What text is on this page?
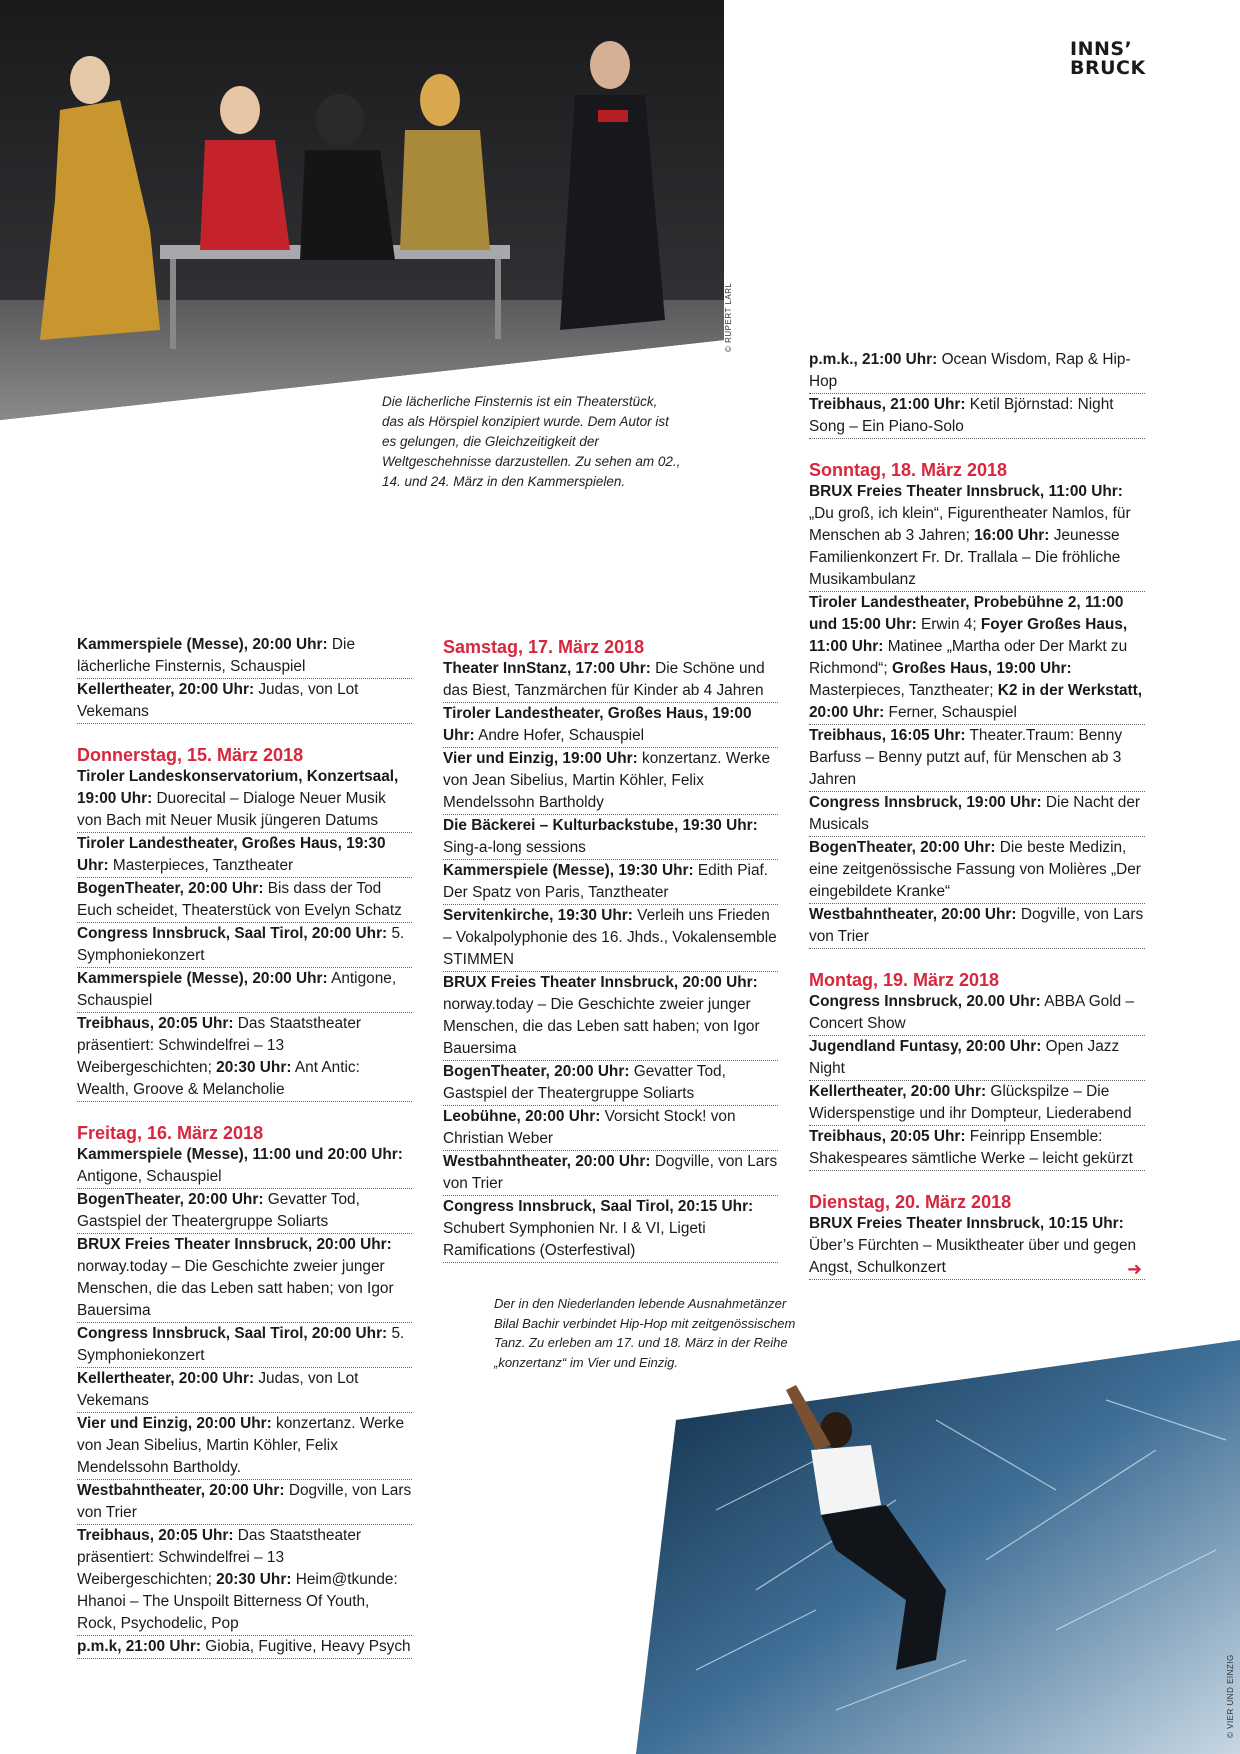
© RUPERT LARL
INNS’
BRUCK
Die lächerliche Finsternis ist ein Theaterstück, das als Hörspiel konzipiert wurde. Dem Autor ist es gelungen, die Gleichzeitigkeit der Weltgeschehnisse darzustellen. Zu sehen am 02., 14. und 24. März in den Kammerspielen.
Der in den Niederlanden lebende Ausnahmetänzer Bilal Bachir verbindet Hip-Hop mit zeitgenössischem Tanz. Zu erleben am 17. und 18. März in der Reihe „konzertanz“ im Vier und Einzig.
Kammerspiele (Messe), 20:00 Uhr: Die lächerliche Finsternis, Schauspiel
Kellertheater, 20:00 Uhr: Judas, von Lot Vekemans
Donnerstag, 15. März 2018
Tiroler Landeskonservatorium, Konzertsaal, 19:00 Uhr: Duorecital – Dialoge Neuer Musik von Bach mit Neuer Musik jüngeren Datums
Tiroler Landestheater, Großes Haus, 19:30 Uhr: Masterpieces, Tanztheater
BogenTheater, 20:00 Uhr: Bis dass der Tod Euch scheidet, Theaterstück von Evelyn Schatz
Congress Innsbruck, Saal Tirol, 20:00 Uhr: 5. Symphoniekonzert
Kammerspiele (Messe), 20:00 Uhr: Antigone, Schauspiel
Treibhaus, 20:05 Uhr: Das Staatstheater präsentiert: Schwindelfrei – 13 Weibergeschichten; 20:30 Uhr: Ant Antic: Wealth, Groove & Melancholie
Freitag, 16. März 2018
Kammerspiele (Messe), 11:00 und 20:00 Uhr: Antigone, Schauspiel
BogenTheater, 20:00 Uhr: Gevatter Tod, Gastspiel der Theatergruppe Soliarts
BRUX Freies Theater Innsbruck, 20:00 Uhr: norway.today – Die Geschichte zweier junger Menschen, die das Leben satt haben; von Igor Bauersima
Congress Innsbruck, Saal Tirol, 20:00 Uhr: 5. Symphoniekonzert
Kellertheater, 20:00 Uhr: Judas, von Lot Vekemans
Vier und Einzig, 20:00 Uhr: konzertanz. Werke von Jean Sibelius, Martin Köhler, Felix Mendelssohn Bartholdy.
Westbahntheater, 20:00 Uhr: Dogville, von Lars von Trier
Treibhaus, 20:05 Uhr: Das Staatstheater präsentiert: Schwindelfrei – 13 Weibergeschichten; 20:30 Uhr: Heim@tkunde: Hhanoi – The Unspoilt Bitterness Of Youth, Rock, Psychodelic, Pop
p.m.k, 21:00 Uhr: Giobia, Fugitive, Heavy Psych
Samstag, 17. März 2018
Theater InnStanz, 17:00 Uhr: Die Schöne und das Biest, Tanzmärchen für Kinder ab 4 Jahren
Tiroler Landestheater, Großes Haus, 19:00 Uhr: Andre Hofer, Schauspiel
Vier und Einzig, 19:00 Uhr: konzertanz. Werke von Jean Sibelius, Martin Köhler, Felix Mendelssohn Bartholdy
Die Bäckerei – Kulturbackstube, 19:30 Uhr: Sing-a-long sessions
Kammerspiele (Messe), 19:30 Uhr: Edith Piaf. Der Spatz von Paris, Tanztheater
Servitenkirche, 19:30 Uhr: Verleih uns Frieden – Vokalpolyphonie des 16. Jhds., Vokalensemble STIMMEN
BRUX Freies Theater Innsbruck, 20:00 Uhr: norway.today – Die Geschichte zweier junger Menschen, die das Leben satt haben; von Igor Bauersima
BogenTheater, 20:00 Uhr: Gevatter Tod, Gastspiel der Theatergruppe Soliarts
Leobühne, 20:00 Uhr: Vorsicht Stock! von Christian Weber
Westbahntheater, 20:00 Uhr: Dogville, von Lars von Trier
Congress Innsbruck, Saal Tirol, 20:15 Uhr: Schubert Symphonien Nr. I & VI, Ligeti Ramifications (Osterfestival)
p.m.k., 21:00 Uhr: Ocean Wisdom, Rap & Hip-Hop
Treibhaus, 21:00 Uhr: Ketil Björnstad: Night Song – Ein Piano-Solo
Sonntag, 18. März 2018
BRUX Freies Theater Innsbruck, 11:00 Uhr: „Du groß, ich klein“, Figurentheater Namlos, für Menschen ab 3 Jahren; 16:00 Uhr: Jeunesse Familienkonzert Fr. Dr. Trallala – Die fröhliche Musikambulanz
Tiroler Landestheater, Probebühne 2, 11:00 und 15:00 Uhr: Erwin 4; Foyer Großes Haus, 11:00 Uhr: Matinee „Martha oder Der Markt zu Richmond“; Großes Haus, 19:00 Uhr: Masterpieces, Tanztheater; K2 in der Werkstatt, 20:00 Uhr: Ferner, Schauspiel
Treibhaus, 16:05 Uhr: Theater.Traum: Benny Barfuss – Benny putzt auf, für Menschen ab 3 Jahren
Congress Innsbruck, 19:00 Uhr: Die Nacht der Musicals
BogenTheater, 20:00 Uhr: Die beste Medizin, eine zeitgenössische Fassung von Molières „Der eingebildete Kranke“
Westbahntheater, 20:00 Uhr: Dogville, von Lars von Trier
Montag, 19. März 2018
Congress Innsbruck, 20.00 Uhr: ABBA Gold – Concert Show
Jugendland Funtasy, 20:00 Uhr: Open Jazz Night
Kellertheater, 20:00 Uhr: Glückspilze – Die Widerspenstige und ihr Dompteur, Liederabend
Treibhaus, 20:05 Uhr: Feinripp Ensemble: Shakespeares sämtliche Werke – leicht gekürzt
Dienstag, 20. März 2018
BRUX Freies Theater Innsbruck, 10:15 Uhr: Über’s Fürchten – Musiktheater über und gegen Angst, Schulkonzert	➜
© VIER UND EINZIG
